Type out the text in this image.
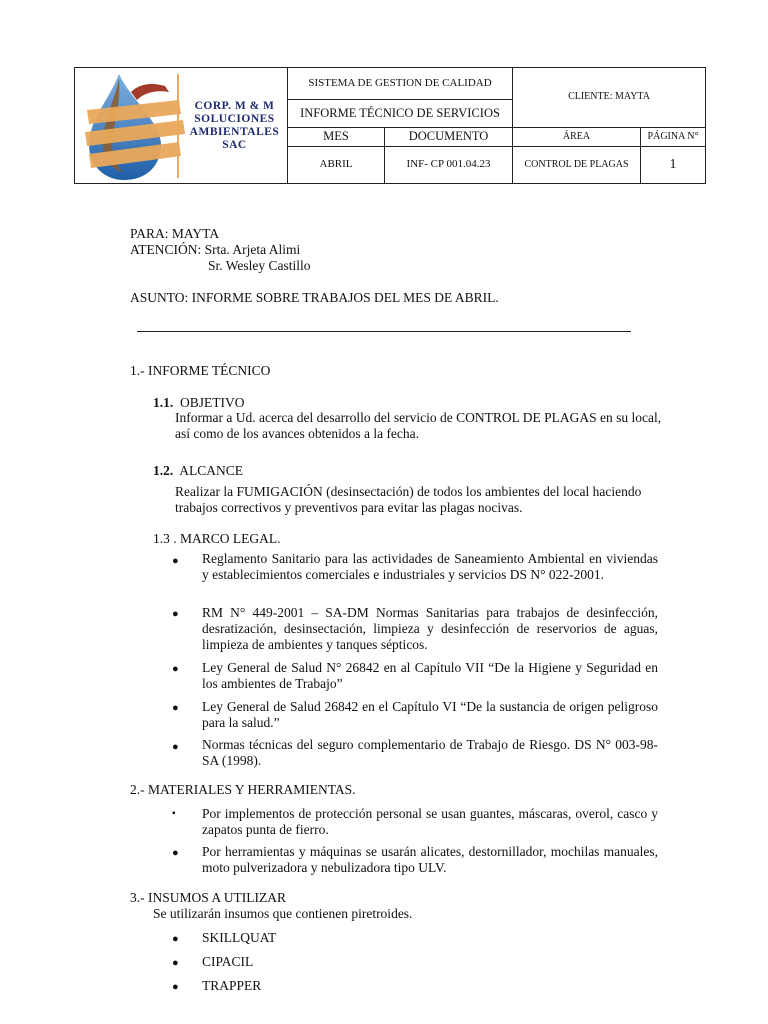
CORP. M & M
SOLUCIONES
AMBIENTALES
SAC	SISTEMA DE GESTION DE CALIDAD		CLIENTE: MAYTA	
	INFORME TÉCNICO DE SERVICIOS			
	MES	DOCUMENTO	ÁREA	PÁGINA N°
	ABRIL	INF- CP 001.04.23	CONTROL DE PLAGAS	1
PARA: MAYTA
ATENCIÓN: Srta. Arjeta Alimi
Sr. Wesley Castillo
ASUNTO: INFORME SOBRE TRABAJOS DEL MES DE ABRIL.
1.- INFORME TÉCNICO
1.1. OBJETIVO
Informar a Ud. acerca del desarrollo del servicio de CONTROL DE PLAGAS en su local, así como de los avances obtenidos a la fecha.
1.2. ALCANCE
Realizar la FUMIGACIÓN (desinsectación) de todos los ambientes del local haciendo trabajos correctivos y preventivos para evitar las plagas nocivas.
1.3 . MARCO LEGAL.
● Reglamento Sanitario para las actividades de Saneamiento Ambiental en viviendas y establecimientos comerciales e industriales y servicios DS N° 022-2001.
● RM N° 449-2001 – SA-DM Normas Sanitarias para trabajos de desinfección, desratización, desinsectación, limpieza y desinfección de reservorios de aguas, limpieza de ambientes y tanques sépticos.
● Ley General de Salud N° 26842 en al Capítulo VII “De la Higiene y Seguridad en los ambientes de Trabajo”
● Ley General de Salud 26842 en el Capítulo VI “De la sustancia de origen peligroso para la salud.”
● Normas técnicas del seguro complementario de Trabajo de Riesgo. DS N° 003-98- SA (1998).
2.- MATERIALES Y HERRAMIENTAS.
▪ Por implementos de protección personal se usan guantes, máscaras, overol, casco y zapatos punta de fierro.
● Por herramientas y máquinas se usarán alicates, destornillador, mochilas manuales, moto pulverizadora y nebulizadora tipo ULV.
3.- INSUMOS A UTILIZAR
Se utilizarán insumos que contienen piretroides.
● SKILLQUAT
● CIPACIL
● TRAPPER
